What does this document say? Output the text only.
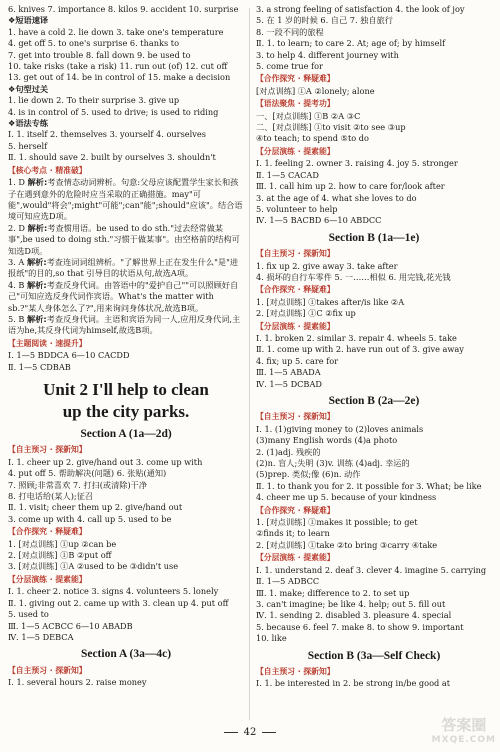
6. knives 7. importance 8. kilos 9. accident 10. surprise
❖短语速译
1. have a cold 2. lie down 3. take one's temperature
4. get off 5. to one's surprise 6. thanks to
7. get into trouble 8. fall down 9. be used to
10. take risks (take a risk) 11. run out (of) 12. cut off
13. get out of 14. be in control of 15. make a decision
❖句型过关
1. lie down 2. To their surprise 3. give up
4. is in control of 5. used to drive; is used to riding
❖语法专练
Ⅰ. 1. itself 2. themselves 3. yourself 4. ourselves
5. herself
Ⅱ. 1. should save 2. built by ourselves 3. shouldn't
【核心考点 · 精准破】
1. D 解析:考查情态动词辨析。句意:父母应该配置学生家长和孩子在遇到意外的危险时应当采取的正确措施。may"可能",would"将会";might"可能";can"能";should"应该"。结合语境可知应选D项。
2. D 解析:考查惯用语。be used to do sth."过去经常做某事",be used to doing sth."习惯于做某事"。由空格前的结构可知选D项。
3. A 解析:考查连词词组辨析。"了解世界上正在发生什么"是"进报纸"的目的,so that 引导目的状语从句,故选A项。
4. B 解析:考查反身代词。由答语中的"爱护自己""可以照顾好自己"可知应选反身代词作宾语。What's the matter with sb.?"某人身体怎么了?",用来询问身体状况,故选B项。
5. B 解析:考查反身代词。主语和宾语为同一人,应用反身代词,主语为he,其反身代词为himself,故选B项。
【主题阅读 · 速提升】
Ⅰ. 1—5 BDDCA 6—10 CACDD
Ⅱ. 1—5 CDBAB
Unit 2 I'll help to clean
up the city parks.
Section A (1a—2d)
【自主预习 · 探新知】
Ⅰ. 1. cheer up 2. give/hand out 3. come up with
4. put off 5. 帮助解决(问题) 6. 张贴(通知)
7. 照顾;非常喜欢 7. 打扫(或清除)干净
8. 打电话给(某人);征召
Ⅱ. 1. visit; cheer them up 2. give/hand out
3. come up with 4. call up 5. used to be
【合作探究 · 释疑难】
1. [对点训练] ①up ②can be
2. [对点训练] ①B ②put off
3. [对点训练] ①A ②used to be ③didn't use
【分层演练 · 提素能】
Ⅰ. 1. cheer 2. notice 3. signs 4. volunteers 5. lonely
Ⅱ. 1. giving out 2. came up with 3. clean up 4. put off
5. used to
Ⅲ. 1—5 ACBCC 6—10 ABADB
Ⅳ. 1—5 DEBCA
Section A (3a—4c)
【自主预习 · 探新知】
Ⅰ. 1. several hours 2. raise money
3. a strong feeling of satisfaction 4. the look of joy
5. 在 1 岁的时候 6. 自己 7. 独自旅行
8. 一段不同的旅程
Ⅱ. 1. to learn; to care 2. At; age of; by himself
3. to help 4. different journey with
5. come true for
【合作探究 · 释疑难】
[对点训练] ①A ②lonely; alone
【语法聚焦 · 提考功】
一、[对点训练] ①B ②A ③C
二、[对点训练] ①to visit ②to see ③up
④to teach; to spend ⑤to do
【分层演练 · 提素能】
Ⅰ. 1. feeling 2. owner 3. raising 4. joy 5. stronger
Ⅱ. 1—5 CACAD
Ⅲ. 1. call him up 2. how to care for/look after
3. at the age of 4. what she loves to do
5. volunteer to help
Ⅳ. 1—5 BACBD 6—10 ABDCC
Section B (1a—1e)
【自主预习 · 探新知】
1. fix up 2. give away 3. take after
4. 损坏的自行车零件 5. 一……相似 6. 用完钱,花光钱
【合作探究 · 释疑难】
1. [对点训练] ①takes after/is like ②A
2. [对点训练] ①C ②fix up
【分层演练 · 提素能】
Ⅰ. 1. broken 2. similar 3. repair 4. wheels 5. take
Ⅱ. 1. come up with 2. have run out of 3. give away
4. fix; up 5. care for
Ⅲ. 1—5 ABADA
Ⅳ. 1—5 DCBAD
Section B (2a—2e)
【自主预习 · 探新知】
Ⅰ. 1. (1)giving money to (2)loves animals
(3)many English words (4)a photo
2. (1)adj. 残疾的
(2)n. 盲人;失明 (3)v. 训练 (4)adj. 幸运的
(5)prep. 类似;像 (6)n. 动作
Ⅱ. 1. to thank you for 2. it possible for 3. What; be like
4. cheer me up 5. because of your kindness
【合作探究 · 释疑难】
1. [对点训练] ①makes it possible; to get
②finds it; to learn
2. [对点训练] ①take ②to bring ③carry ④take
【分层演练 · 提素能】
Ⅰ. 1. understand 2. deaf 3. clever 4. imagine 5. carrying
Ⅱ. 1—5 ADBCC
Ⅲ. 1. make; difference to 2. to set up
3. can't imagine; be like 4. help; out 5. fill out
Ⅳ. 1. sending 2. disabled 3. pleasure 4. special
5. because 6. feel 7. make 8. to show 9. important
10. like
Section B (3a—Self Check)
【自主预习 · 探新知】
Ⅰ. 1. be interested in 2. be strong in/be good at
42	答案圈
MXQE.COM
